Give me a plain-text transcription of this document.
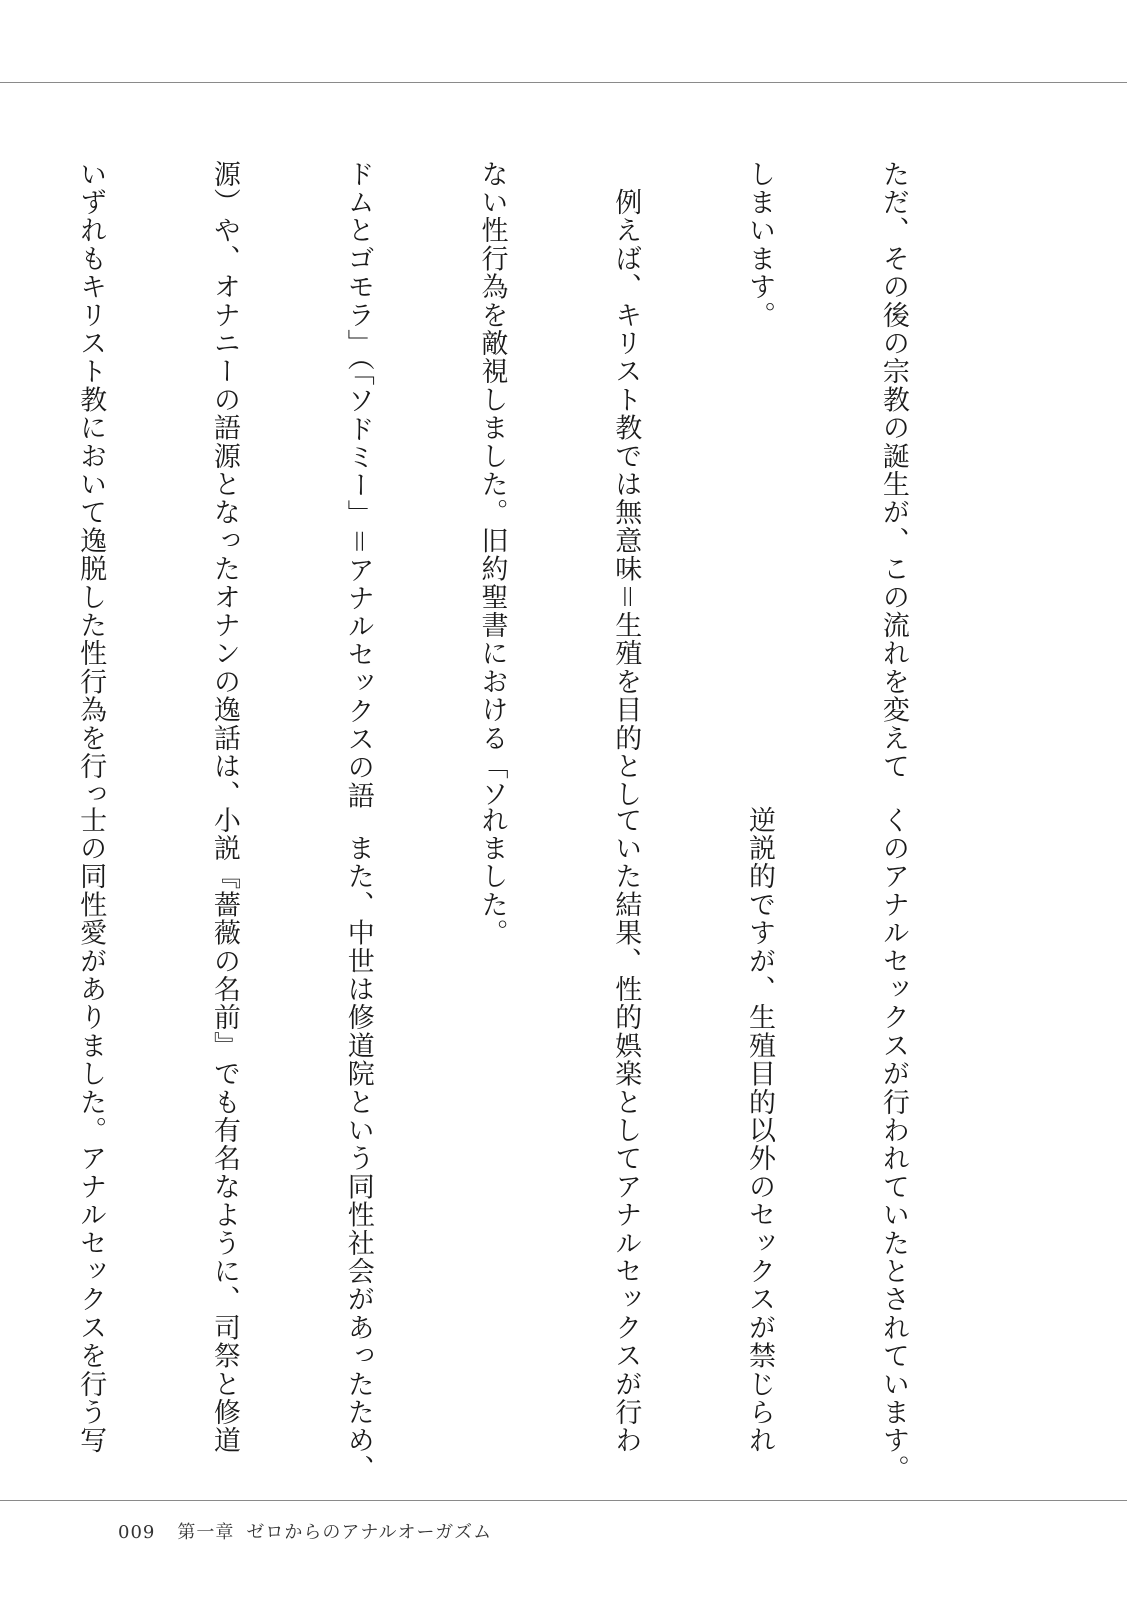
ただ、その後の宗教の誕生が、この流れを変えて

しまいます。

　例えば、キリスト教では無意味＝生殖を目的とし

ない性行為を敵視しました。旧約聖書における「ソ

ドムとゴモラ」（「ソドミー」＝アナルセックスの語

源）や、オナニーの語源となったオナンの逸話は、

いずれもキリスト教において逸脱した性行為を行っ

くのアナルセックスが行われていたとされています。

逆説的ですが、生殖目的以外のセックスが禁じられ

ていた結果、性的娯楽としてアナルセックスが行わ

れました。

　また、中世は修道院という同性社会があったため、

小説『薔薇の名前』でも有名なように、司祭と修道

士の同性愛がありました。アナルセックスを行う写

009 第一章 ゼロからのアナルオーガズム
